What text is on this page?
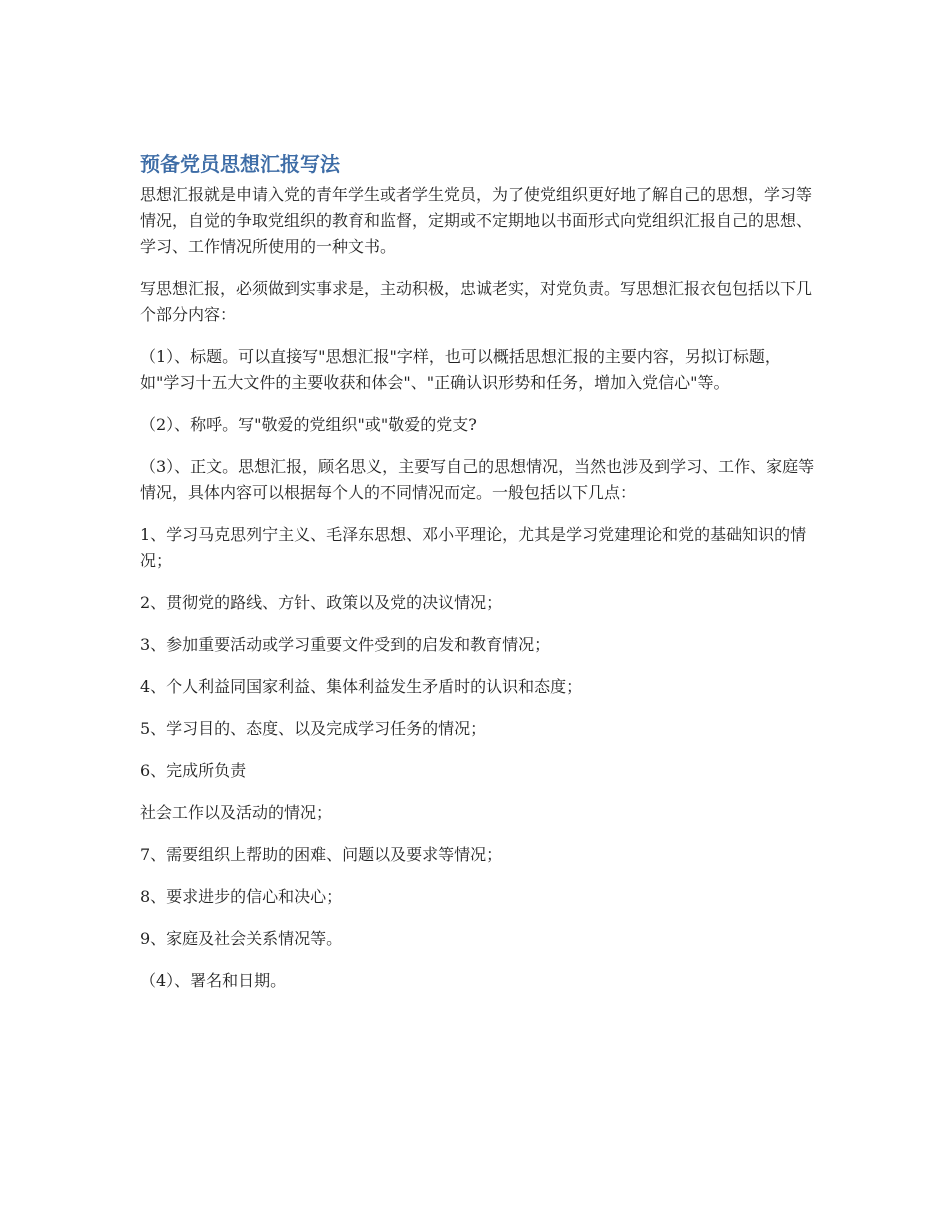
预备党员思想汇报写法

思想汇报就是申请入党的青年学生或者学生党员，为了使党组织更好地了解自己的思想，学习等情况，自觉的争取党组织的教育和监督，定期或不定期地以书面形式向党组织汇报自己的思想、学习、工作情况所使用的一种文书。

写思想汇报，必须做到实事求是，主动积极，忠诚老实，对党负责。写思想汇报衣包包括以下几个部分内容：

（1）、标题。可以直接写"思想汇报"字样，也可以概括思想汇报的主要内容，另拟订标题，如"学习十五大文件的主要收获和体会"、"正确认识形势和任务，增加入党信心"等。

（2）、称呼。写"敬爱的党组织"或"敬爱的党支?

（3）、正文。思想汇报，顾名思义，主要写自己的思想情况，当然也涉及到学习、工作、家庭等情况，具体内容可以根据每个人的不同情况而定。一般包括以下几点：

1、学习马克思列宁主义、毛泽东思想、邓小平理论，尤其是学习党建理论和党的基础知识的情况；

2、贯彻党的路线、方针、政策以及党的决议情况；

3、参加重要活动或学习重要文件受到的启发和教育情况；

4、个人利益同国家利益、集体利益发生矛盾时的认识和态度；

5、学习目的、态度、以及完成学习任务的情况；

6、完成所负责

社会工作以及活动的情况；

7、需要组织上帮助的困难、问题以及要求等情况；

8、要求进步的信心和决心；

9、家庭及社会关系情况等。

（4）、署名和日期。
